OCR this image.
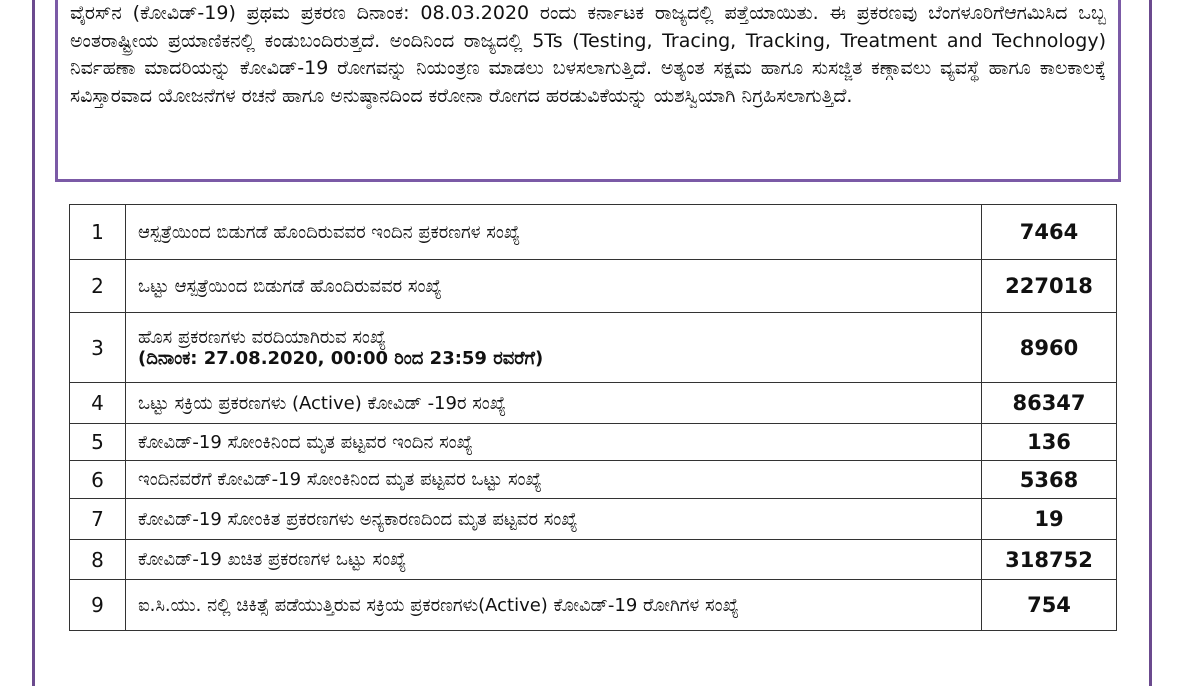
ವೈರಸ್‌ನ (ಕೋವಿಡ್-19) ಪ್ರಥಮ ಪ್ರಕರಣ ದಿನಾಂಕ: 08.03.2020 ರಂದು ಕರ್ನಾಟಕ ರಾಜ್ಯದಲ್ಲಿ ಪತ್ತೆಯಾಯಿತು. ಈ ಪ್ರಕರಣವು ಬೆಂಗಳೂರಿಗೆಆಗಮಿಸಿದ ಒಬ್ಬ ಅಂತರಾಷ್ಟ್ರೀಯ ಪ್ರಯಾಣಿಕನಲ್ಲಿ ಕಂಡುಬಂದಿರುತ್ತದೆ. ಅಂದಿನಿಂದ ರಾಜ್ಯದಲ್ಲಿ 5Ts (Testing, Tracing, Tracking, Treatment and Technology) ನಿರ್ವಹಣಾ ಮಾದರಿಯನ್ನು ಕೋವಿಡ್-19 ರೋಗವನ್ನು ನಿಯಂತ್ರಣ ಮಾಡಲು ಬಳಸಲಾಗುತ್ತಿದೆ. ಅತ್ಯಂತ ಸಕ್ಷಮ ಹಾಗೂ ಸುಸಜ್ಜಿತ ಕಣ್ಗಾವಲು ವ್ಯವಸ್ಥೆ ಹಾಗೂ ಕಾಲಕಾಲಕ್ಕೆ ಸವಿಸ್ತಾರವಾದ ಯೋಜನೆಗಳ ರಚನೆ ಹಾಗೂ ಅನುಷ್ಠಾನದಿಂದ ಕರೋನಾ ರೋಗದ ಹರಡುವಿಕೆಯನ್ನು ಯಶಸ್ವಿಯಾಗಿ ನಿಗ್ರಹಿಸಲಾಗುತ್ತಿದೆ.

1	ಆಸ್ಪತ್ರೆಯಿಂದ ಬಿಡುಗಡೆ ಹೊಂದಿರುವವರ ಇಂದಿನ ಪ್ರಕರಣಗಳ ಸಂಖ್ಯೆ	7464
2	ಒಟ್ಟು ಆಸ್ಪತ್ರೆಯಿಂದ ಬಿಡುಗಡೆ ಹೊಂದಿರುವವರ ಸಂಖ್ಯೆ	227018
3	ಹೊಸ ಪ್ರಕರಣಗಳು ವರದಿಯಾಗಿರುವ ಸಂಖ್ಯೆ
(ದಿನಾಂಕ: 27.08.2020, 00:00 ರಿಂದ 23:59 ರವರೆಗೆ)	8960
4	ಒಟ್ಟು ಸಕ್ರಿಯ ಪ್ರಕರಣಗಳು (Active) ಕೋವಿಡ್ -19ರ ಸಂಖ್ಯೆ	86347
5	ಕೋವಿಡ್-19 ಸೋಂಕಿನಿಂದ ಮೃತ ಪಟ್ಟವರ ಇಂದಿನ ಸಂಖ್ಯೆ	136
6	ಇಂದಿನವರೆಗೆ ಕೋವಿಡ್-19 ಸೋಂಕಿನಿಂದ ಮೃತ ಪಟ್ಟವರ ಒಟ್ಟು ಸಂಖ್ಯೆ	5368
7	ಕೋವಿಡ್-19 ಸೋಂಕಿತ ಪ್ರಕರಣಗಳು ಅನ್ಯಕಾರಣದಿಂದ ಮೃತ ಪಟ್ಟವರ ಸಂಖ್ಯೆ	19
8	ಕೋವಿಡ್-19 ಖಚಿತ ಪ್ರಕರಣಗಳ ಒಟ್ಟು ಸಂಖ್ಯೆ	318752
9	ಐ.ಸಿ.ಯು. ನಲ್ಲಿ ಚಿಕಿತ್ಸೆ ಪಡೆಯುತ್ತಿರುವ ಸಕ್ರಿಯ ಪ್ರಕರಣಗಳು(Active) ಕೋವಿಡ್-19 ರೋಗಿಗಳ ಸಂಖ್ಯೆ	754
